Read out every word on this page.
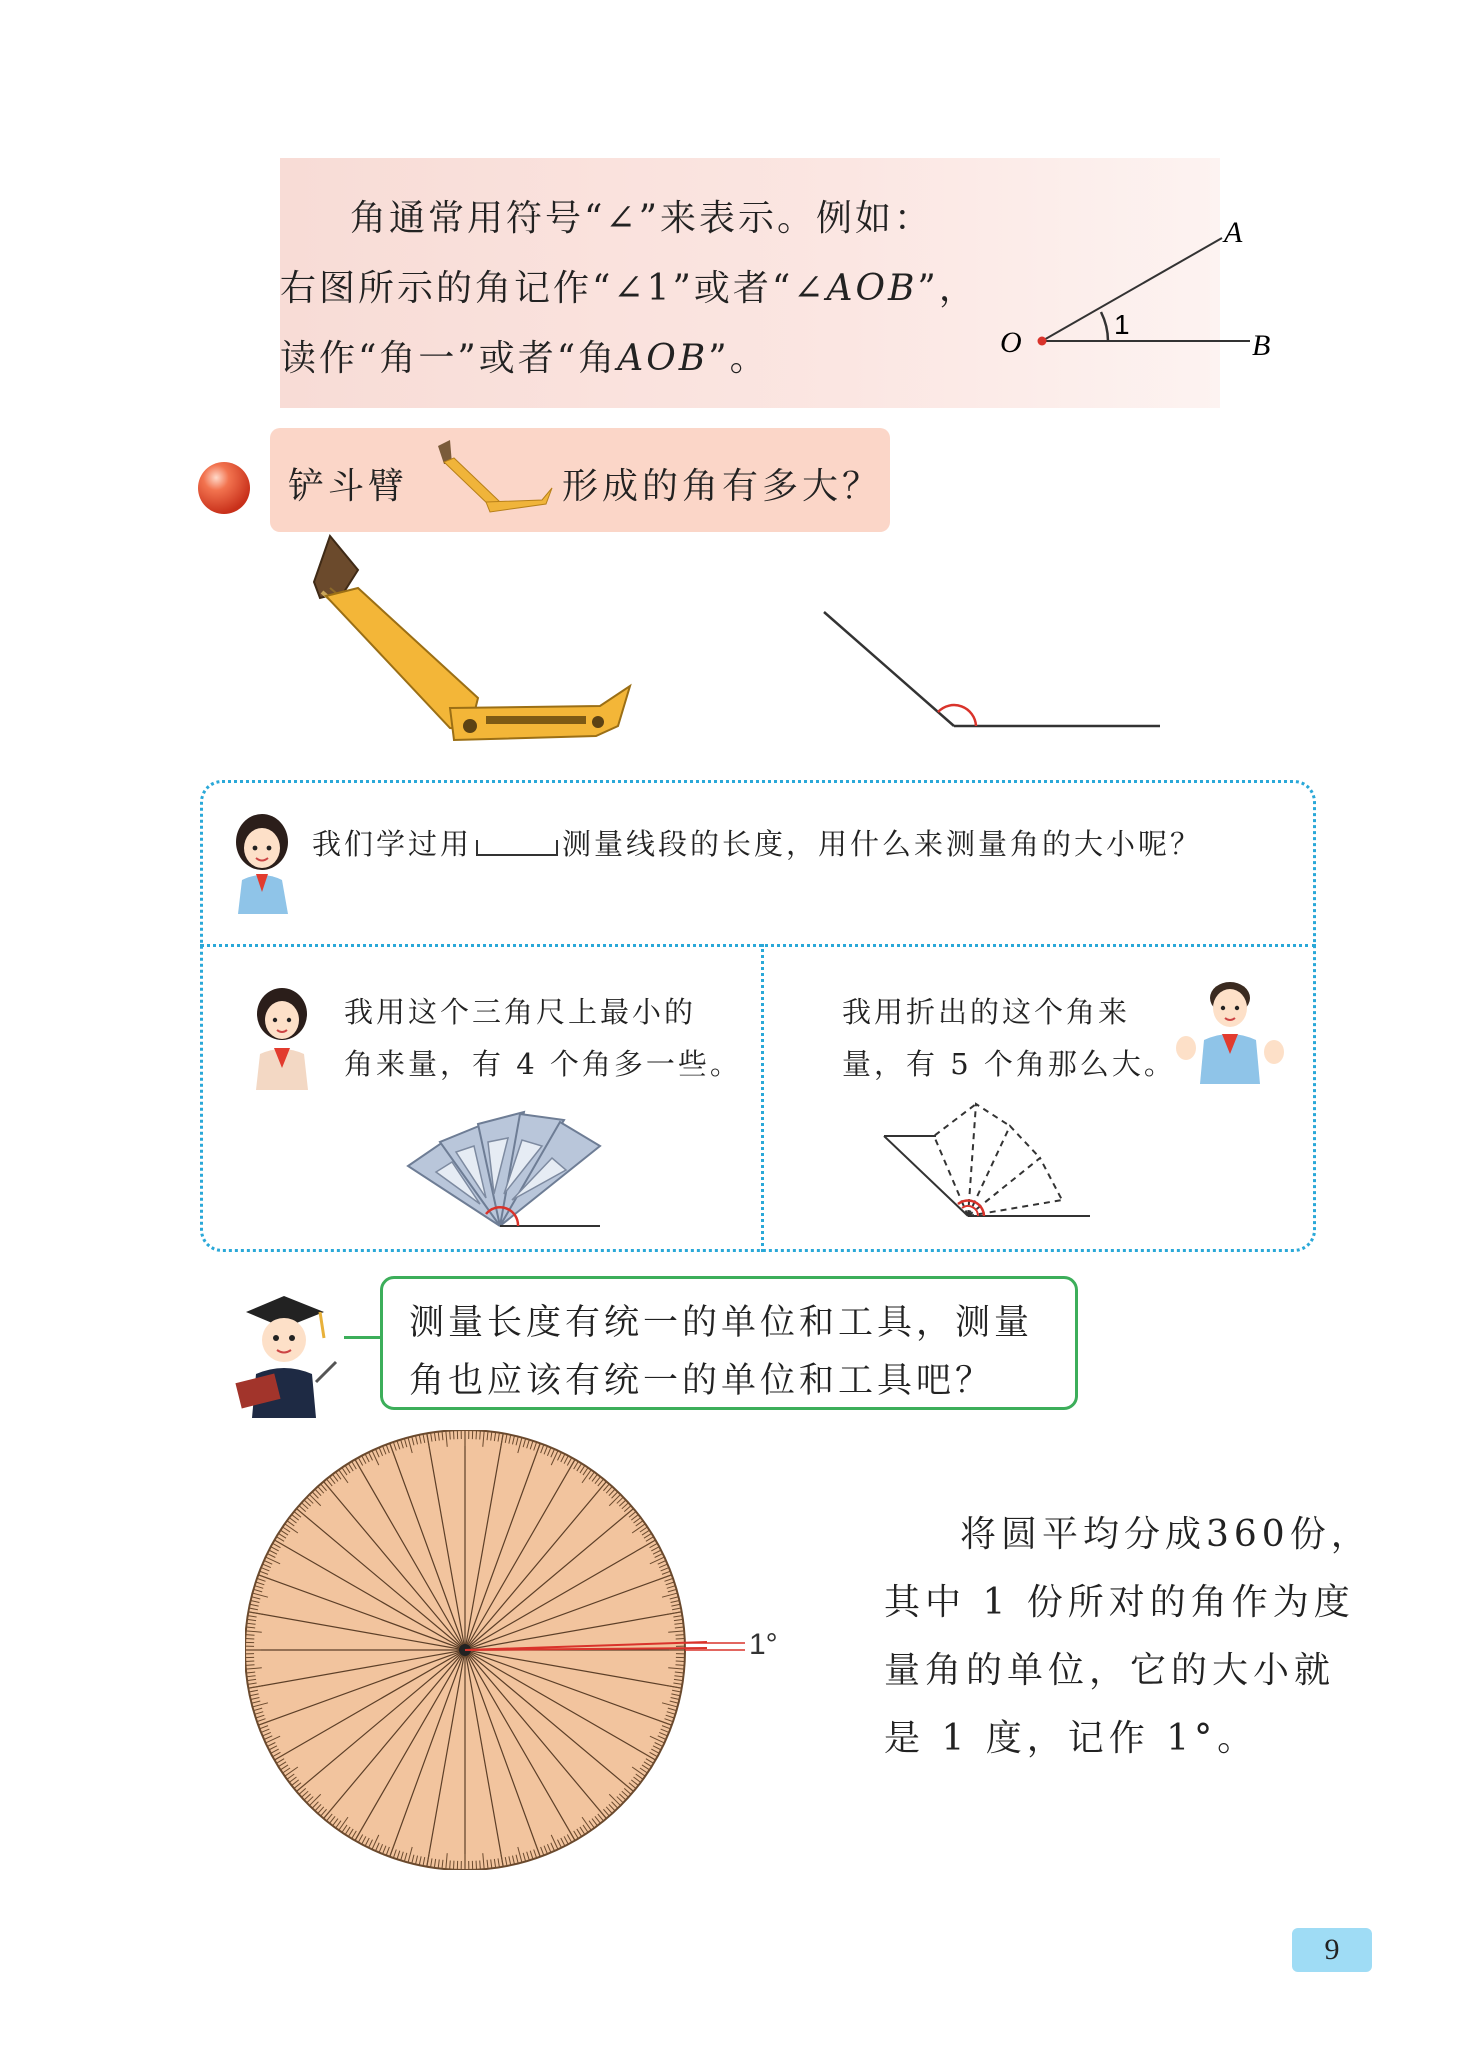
角通常用符号“∠”来表示。例如：

右图所示的角记作“∠1”或者“∠AOB”，

读作“角一”或者“角AOB”。	O
A
B
1
铲斗臂	形成的角有多大？

我们学过用	测量线段的长度，用什么来测量角的大小呢？

我用这个三角尺上最小的

角来量，有 4 个角多一些。

我用折出的这个角来

量，有 5 个角那么大。

测量长度有统一的单位和工具，测量

角也应该有统一的单位和工具吧？

1°

将圆平均分成360份，

其中 1 份所对的角作为度

量角的单位，它的大小就

是 1 度，记作 1°。

9
